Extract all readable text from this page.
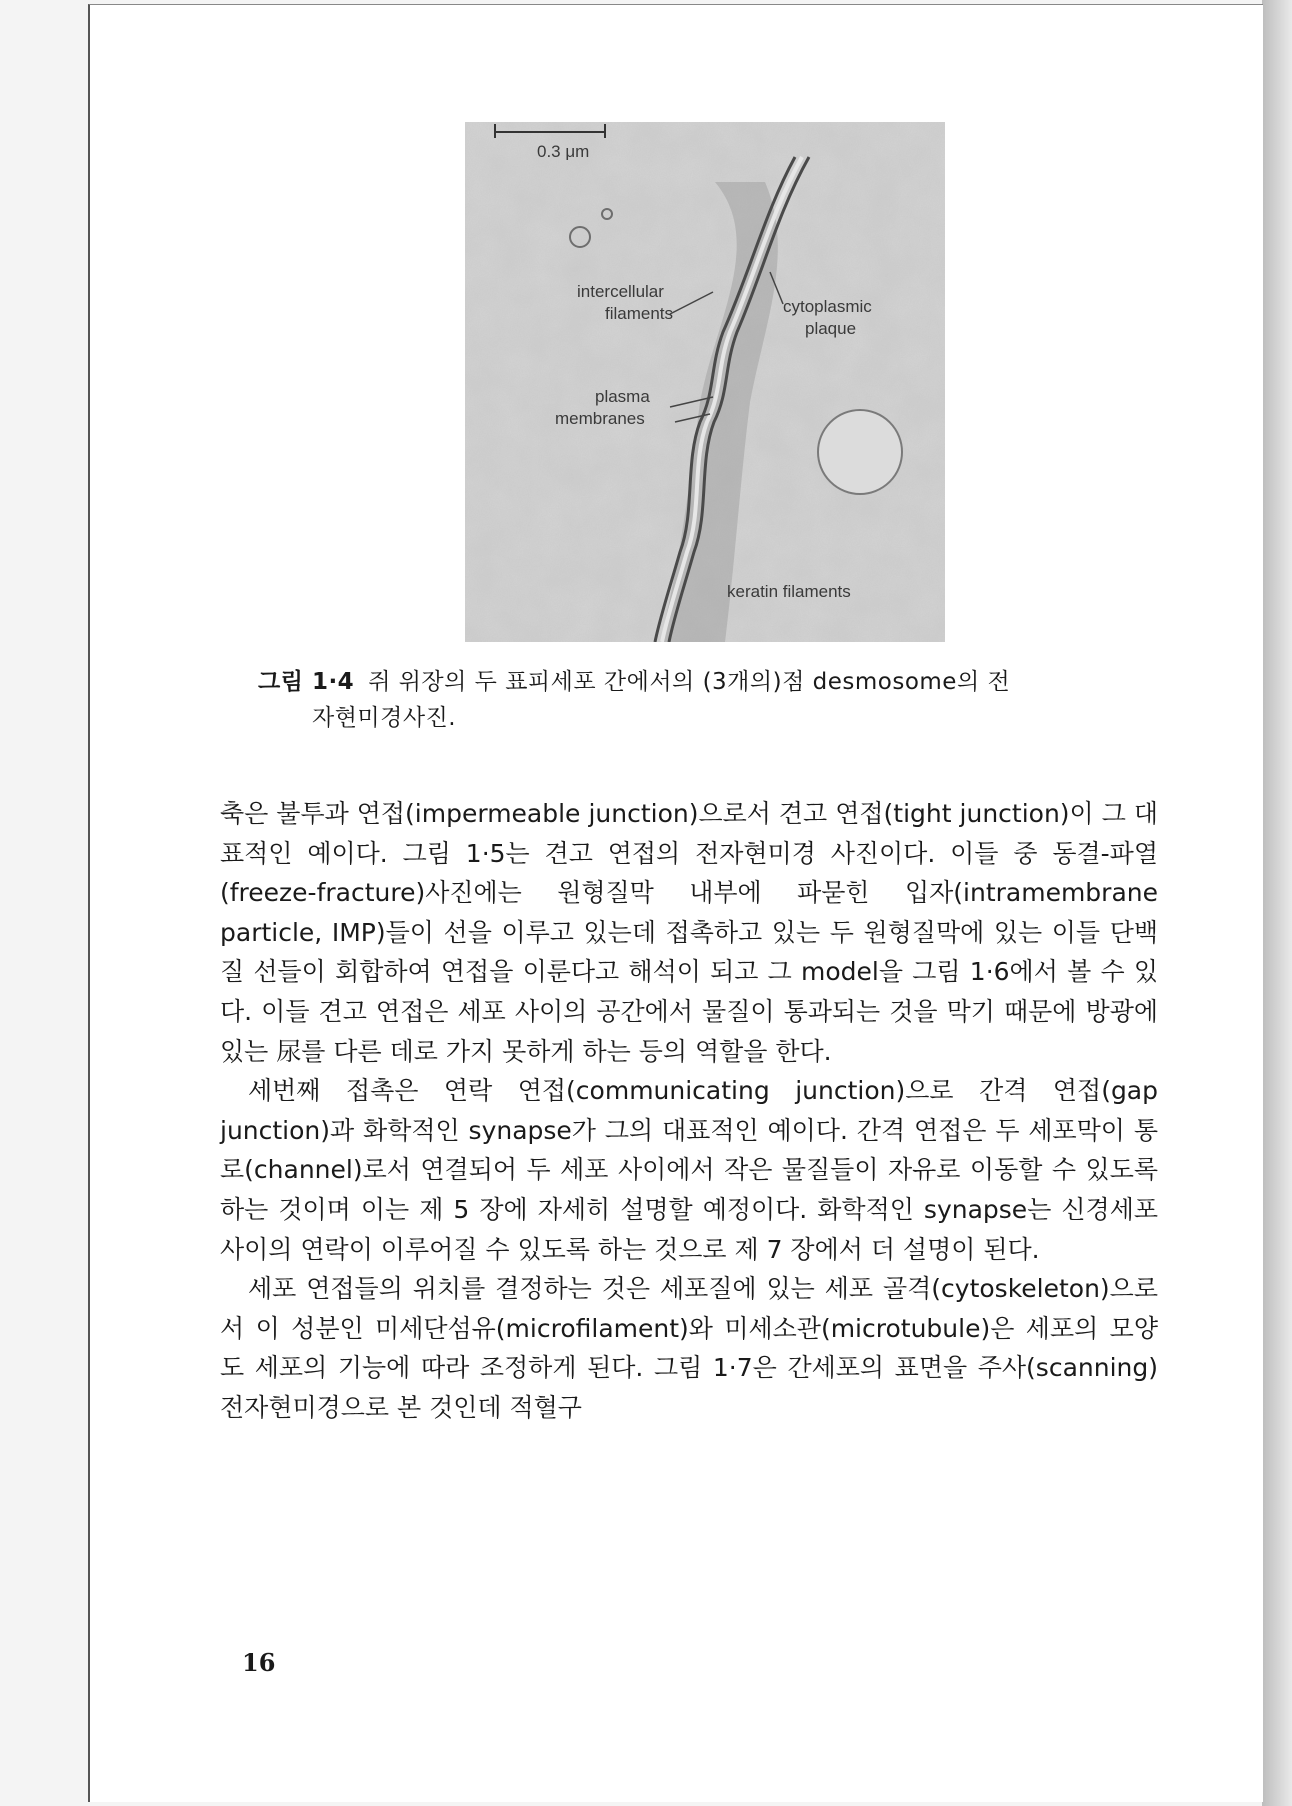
0.3 μm
intercellular
filaments	cytoplasmic
plaque
plasma
membranes
keratin filaments
그림 1·4 쥐 위장의 두 표피세포 간에서의 (3개의)점 desmosome의 전
자현미경사진.

축은 불투과 연접(impermeable junction)으로서 견고 연접(tight junction)이 그 대표적인 예이다. 그림 1·5는 견고 연접의 전자현미경 사진이다. 이들 중 동결-파열(freeze-fracture)사진에는 원형질막 내부에 파묻힌 입자(intramembrane particle, IMP)들이 선을 이루고 있는데 접촉하고 있는 두 원형질막에 있는 이들 단백질 선들이 회합하여 연접을 이룬다고 해석이 되고 그 model을 그림 1·6에서 볼 수 있다. 이들 견고 연접은 세포 사이의 공간에서 물질이 통과되는 것을 막기 때문에 방광에 있는 尿를 다른 데로 가지 못하게 하는 등의 역할을 한다.

세번째 접촉은 연락 연접(communicating junction)으로 간격 연접(gap junction)과 화학적인 synapse가 그의 대표적인 예이다. 간격 연접은 두 세포막이 통로(channel)로서 연결되어 두 세포 사이에서 작은 물질들이 자유로 이동할 수 있도록 하는 것이며 이는 제 5 장에 자세히 설명할 예정이다. 화학적인 synapse는 신경세포 사이의 연락이 이루어질 수 있도록 하는 것으로 제 7 장에서 더 설명이 된다.

세포 연접들의 위치를 결정하는 것은 세포질에 있는 세포 골격(cytoskeleton)으로서 이 성분인 미세단섬유(microfilament)와 미세소관(microtubule)은 세포의 모양도 세포의 기능에 따라 조정하게 된다. 그림 1·7은 간세포의 표면을 주사(scanning) 전자현미경으로 본 것인데 적혈구

16
